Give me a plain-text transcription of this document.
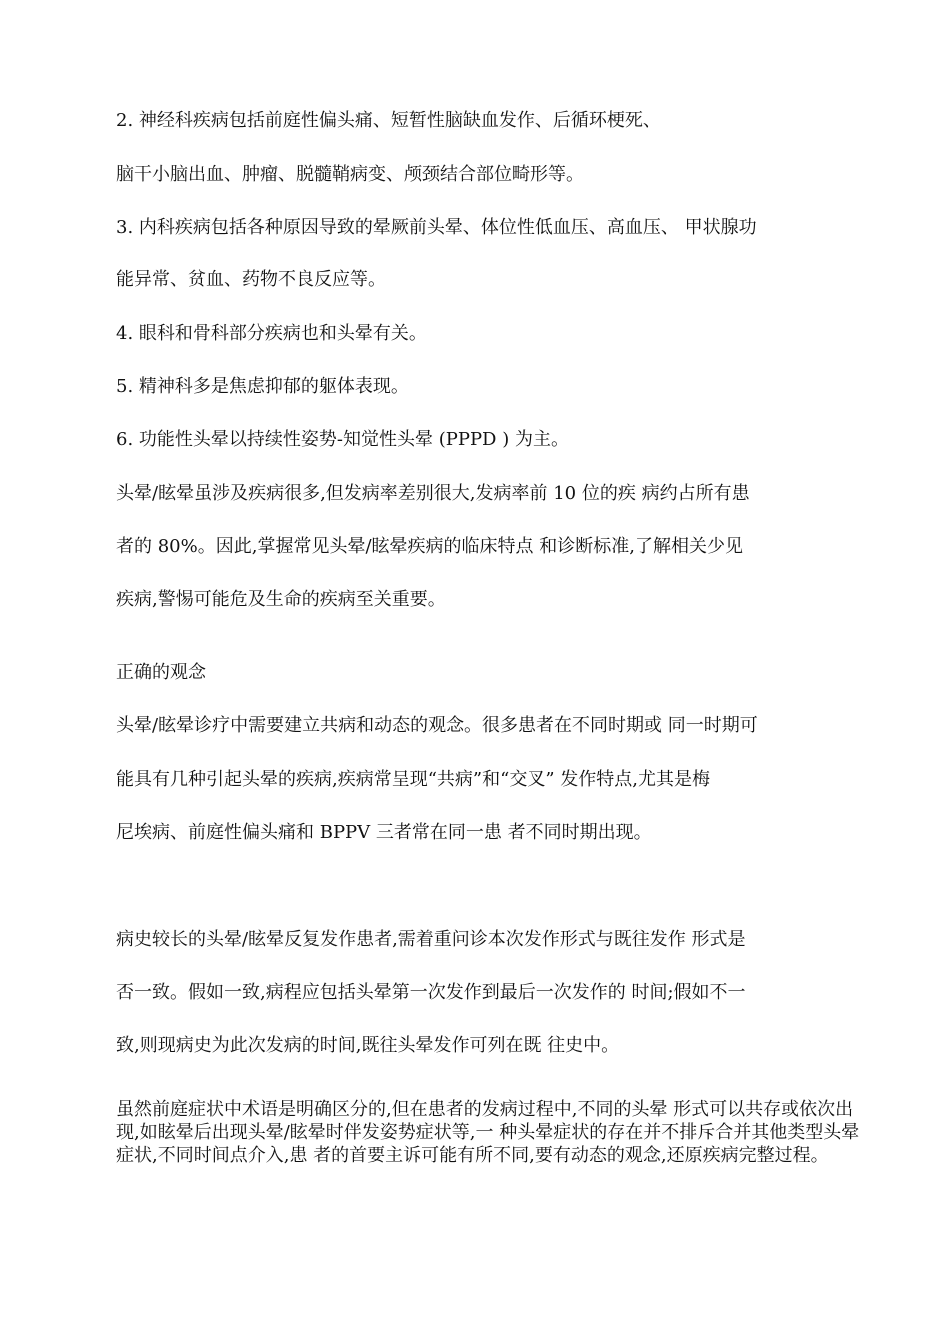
2. 神经科疾病包括前庭性偏头痛、短暂性脑缺血发作、后循环梗死、
脑干小脑出血、肿瘤、脱髓鞘病变、颅颈结合部位畸形等。
3. 内科疾病包括各种原因导致的晕厥前头晕、体位性低血压、高血压、 甲状腺功
能异常、贫血、药物不良反应等。
4. 眼科和骨科部分疾病也和头晕有关。
5. 精神科多是焦虑抑郁的躯体表现。
6. 功能性头晕以持续性姿势-知觉性头晕 (PPPD ) 为主。
头晕/眩晕虽涉及疾病很多,但发病率差别很大,发病率前 10 位的疾 病约占所有患
者的 80%。因此,掌握常见头晕/眩晕疾病的临床特点 和诊断标准,了解相关少见
疾病,警惕可能危及生命的疾病至关重要。
正确的观念
头晕/眩晕诊疗中需要建立共病和动态的观念。很多患者在不同时期或 同一时期可
能具有几种引起头晕的疾病,疾病常呈现“共病”和“交叉” 发作特点,尤其是梅
尼埃病、前庭性偏头痛和 BPPV 三者常在同一患 者不同时期出现。
病史较长的头晕/眩晕反复发作患者,需着重问诊本次发作形式与既往发作 形式是
否一致。假如一致,病程应包括头晕第一次发作到最后一次发作的 时间;假如不一
致,则现病史为此次发病的时间,既往头晕发作可列在既 往史中。
虽然前庭症状中术语是明确区分的,但在患者的发病过程中,不同的头晕 形式可以共存或依次出现,如眩晕后出现头晕/眩晕时伴发姿势症状等,一 种头晕症状的存在并不排斥合并其他类型头晕症状,不同时间点介入,患 者的首要主诉可能有所不同,要有动态的观念,还原疾病完整过程。
